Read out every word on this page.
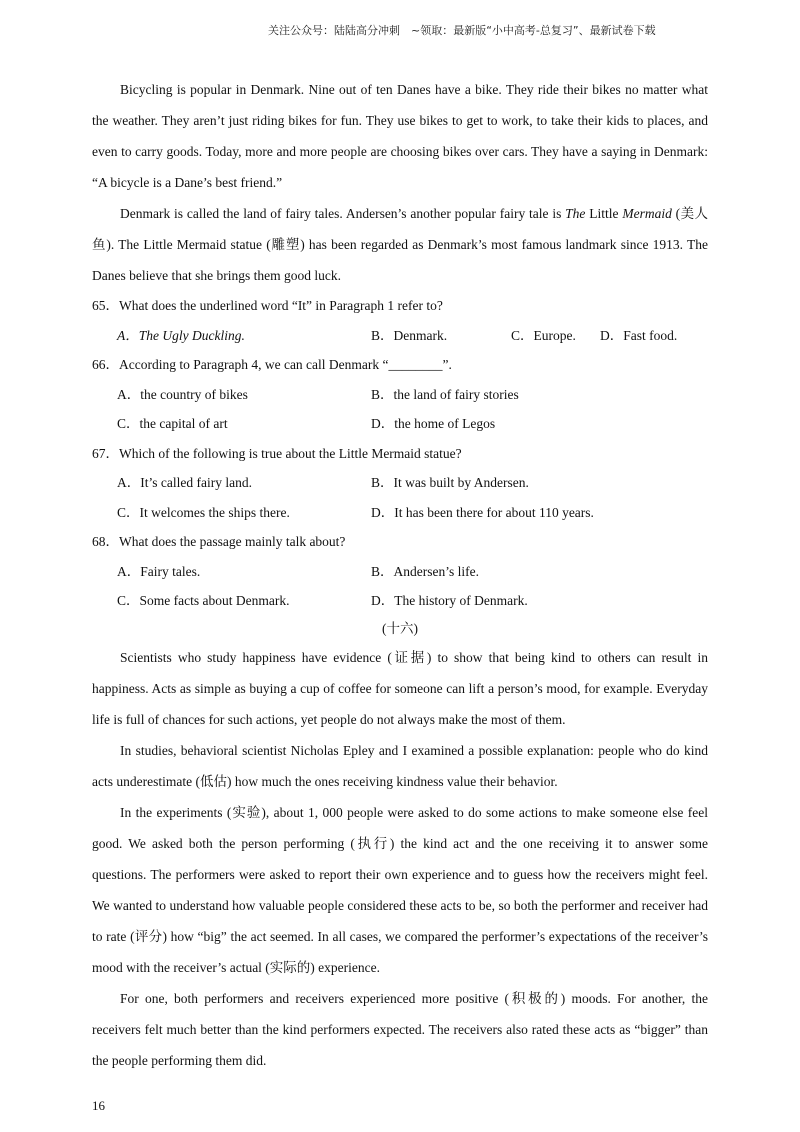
关注公众号：陆陆高分冲刺　~领取：最新版“小中高考-总复习”、最新试卷下载

Bicycling is popular in Denmark. Nine out of ten Danes have a bike. They ride their bikes no matter what the weather. They aren’t just riding bikes for fun. They use bikes to get to work, to take their kids to places, and even to carry goods. Today, more and more people are choosing bikes over cars. They have a saying in Denmark: “A bicycle is a Dane’s best friend.”

Denmark is called the land of fairy tales. Andersen’s another popular fairy tale is The Little Mermaid (美人鱼). The Little Mermaid statue (雕塑) has been regarded as Denmark’s most famous landmark since 1913. The Danes believe that she brings them good luck.

65．What does the underlined word “It” in Paragraph 1 refer to?

A．The Ugly Duckling.	B．Denmark.	C．Europe.	D．Fast food.

66．According to Paragraph 4, we can call Denmark “________”.

A．the country of bikes	B．the land of fairy stories
C．the capital of art	D．the home of Legos

67．Which of the following is true about the Little Mermaid statue?

A．It’s called fairy land.	B．It was built by Andersen.
C．It welcomes the ships there.	D．It has been there for about 110 years.

68．What does the passage mainly talk about?

A．Fairy tales.	B．Andersen’s life.
C．Some facts about Denmark.	D．The history of Denmark.

(十六)

Scientists who study happiness have evidence (证据) to show that being kind to others can result in happiness. Acts as simple as buying a cup of coffee for someone can lift a person’s mood, for example. Everyday life is full of chances for such actions, yet people do not always make the most of them.

In studies, behavioral scientist Nicholas Epley and I examined a possible explanation: people who do kind acts underestimate (低估) how much the ones receiving kindness value their behavior.

In the experiments (实验), about 1, 000 people were asked to do some actions to make someone else feel good. We asked both the person performing (执行) the kind act and the one receiving it to answer some questions. The performers were asked to report their own experience and to guess how the receivers might feel. We wanted to understand how valuable people considered these acts to be, so both the performer and receiver had to rate (评分) how “big” the act seemed. In all cases, we compared the performer’s expectations of the receiver’s mood with the receiver’s actual (实际的) experience.

For one, both performers and receivers experienced more positive (积极的) moods. For another, the receivers felt much better than the kind performers expected. The receivers also rated these acts as “bigger” than the people performing them did.

16
